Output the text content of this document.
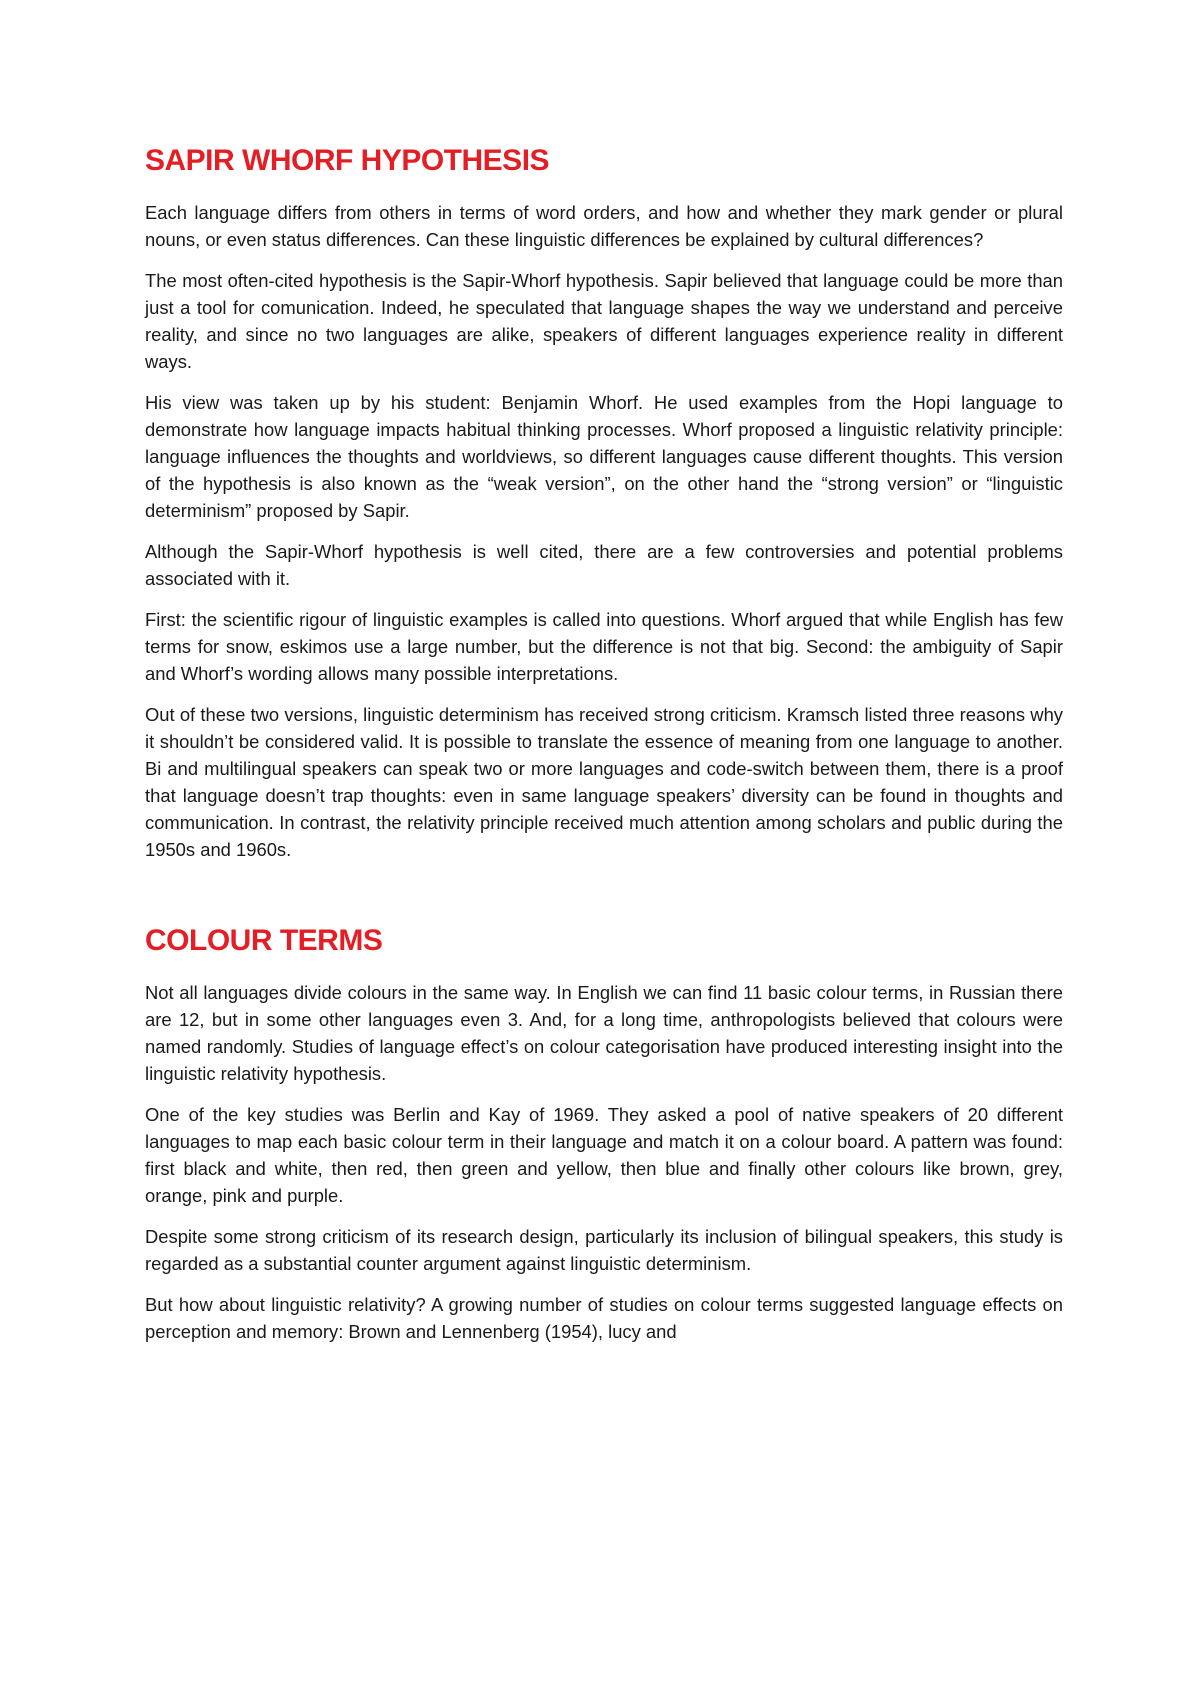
SAPIR WHORF HYPOTHESIS

Each language differs from others in terms of word orders, and how and whether they mark gender or plural nouns, or even status differences. Can these linguistic differences be explained by cultural differences?

The most often-cited hypothesis is the Sapir-Whorf hypothesis. Sapir believed that language could be more than just a tool for comunication. Indeed, he speculated that language shapes the way we understand and perceive reality, and since no two languages are alike, speakers of different languages experience reality in different ways.

His view was taken up by his student: Benjamin Whorf. He used examples from the Hopi language to demonstrate how language impacts habitual thinking processes. Whorf proposed a linguistic relativity principle: language influences the thoughts and worldviews, so different languages cause different thoughts. This version of the hypothesis is also known as the “weak version”, on the other hand the “strong version” or “linguistic determinism” proposed by Sapir.

Although the Sapir-Whorf hypothesis is well cited, there are a few controversies and potential problems associated with it.

First: the scientific rigour of linguistic examples is called into questions. Whorf argued that while English has few terms for snow, eskimos use a large number, but the difference is not that big. Second: the ambiguity of Sapir and Whorf’s wording allows many possible interpretations.

Out of these two versions, linguistic determinism has received strong criticism. Kramsch listed three reasons why it shouldn’t be considered valid. It is possible to translate the essence of meaning from one language to another. Bi and multilingual speakers can speak two or more languages and code-switch between them, there is a proof that language doesn’t trap thoughts: even in same language speakers’ diversity can be found in thoughts and communication. In contrast, the relativity principle received much attention among scholars and public during the 1950s and 1960s.

COLOUR TERMS

Not all languages divide colours in the same way. In English we can find 11 basic colour terms, in Russian there are 12, but in some other languages even 3. And, for a long time, anthropologists believed that colours were named randomly. Studies of language effect’s on colour categorisation have produced interesting insight into the linguistic relativity hypothesis.

One of the key studies was Berlin and Kay of 1969. They asked a pool of native speakers of 20 different languages to map each basic colour term in their language and match it on a colour board. A pattern was found: first black and white, then red, then green and yellow, then blue and finally other colours like brown, grey, orange, pink and purple.

Despite some strong criticism of its research design, particularly its inclusion of bilingual speakers, this study is regarded as a substantial counter argument against linguistic determinism.

But how about linguistic relativity? A growing number of studies on colour terms suggested language effects on perception and memory: Brown and Lennenberg (1954), lucy and
